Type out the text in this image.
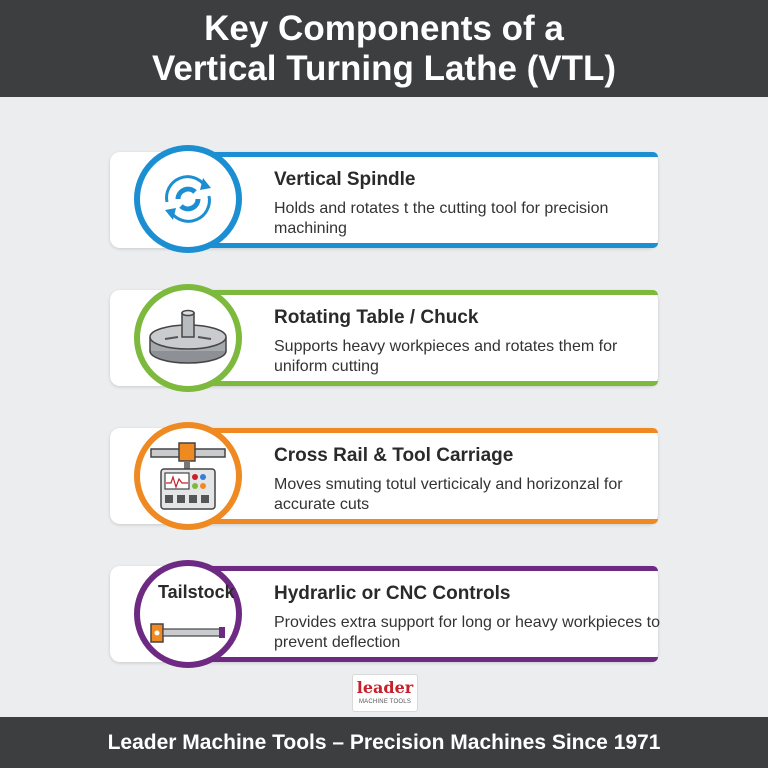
Key Components of a
Vertical Turning Lathe (VTL)
Vertical Spindle
Holds and rotates t the cutting tool for precision machining
Rotating Table / Chuck
Supports heavy workpieces and rotates them for uniform cutting
Cross Rail & Tool Carriage
Moves smuting totul verticicaly and horizonzal for accurate cuts
Tailstock Hydrarlic or CNC Controls
Provides extra support for long or heavy workpieces to prevent deflection
leader
MACHINE TOOLS
Leader Machine Tools – Precision Machines Since 1971
